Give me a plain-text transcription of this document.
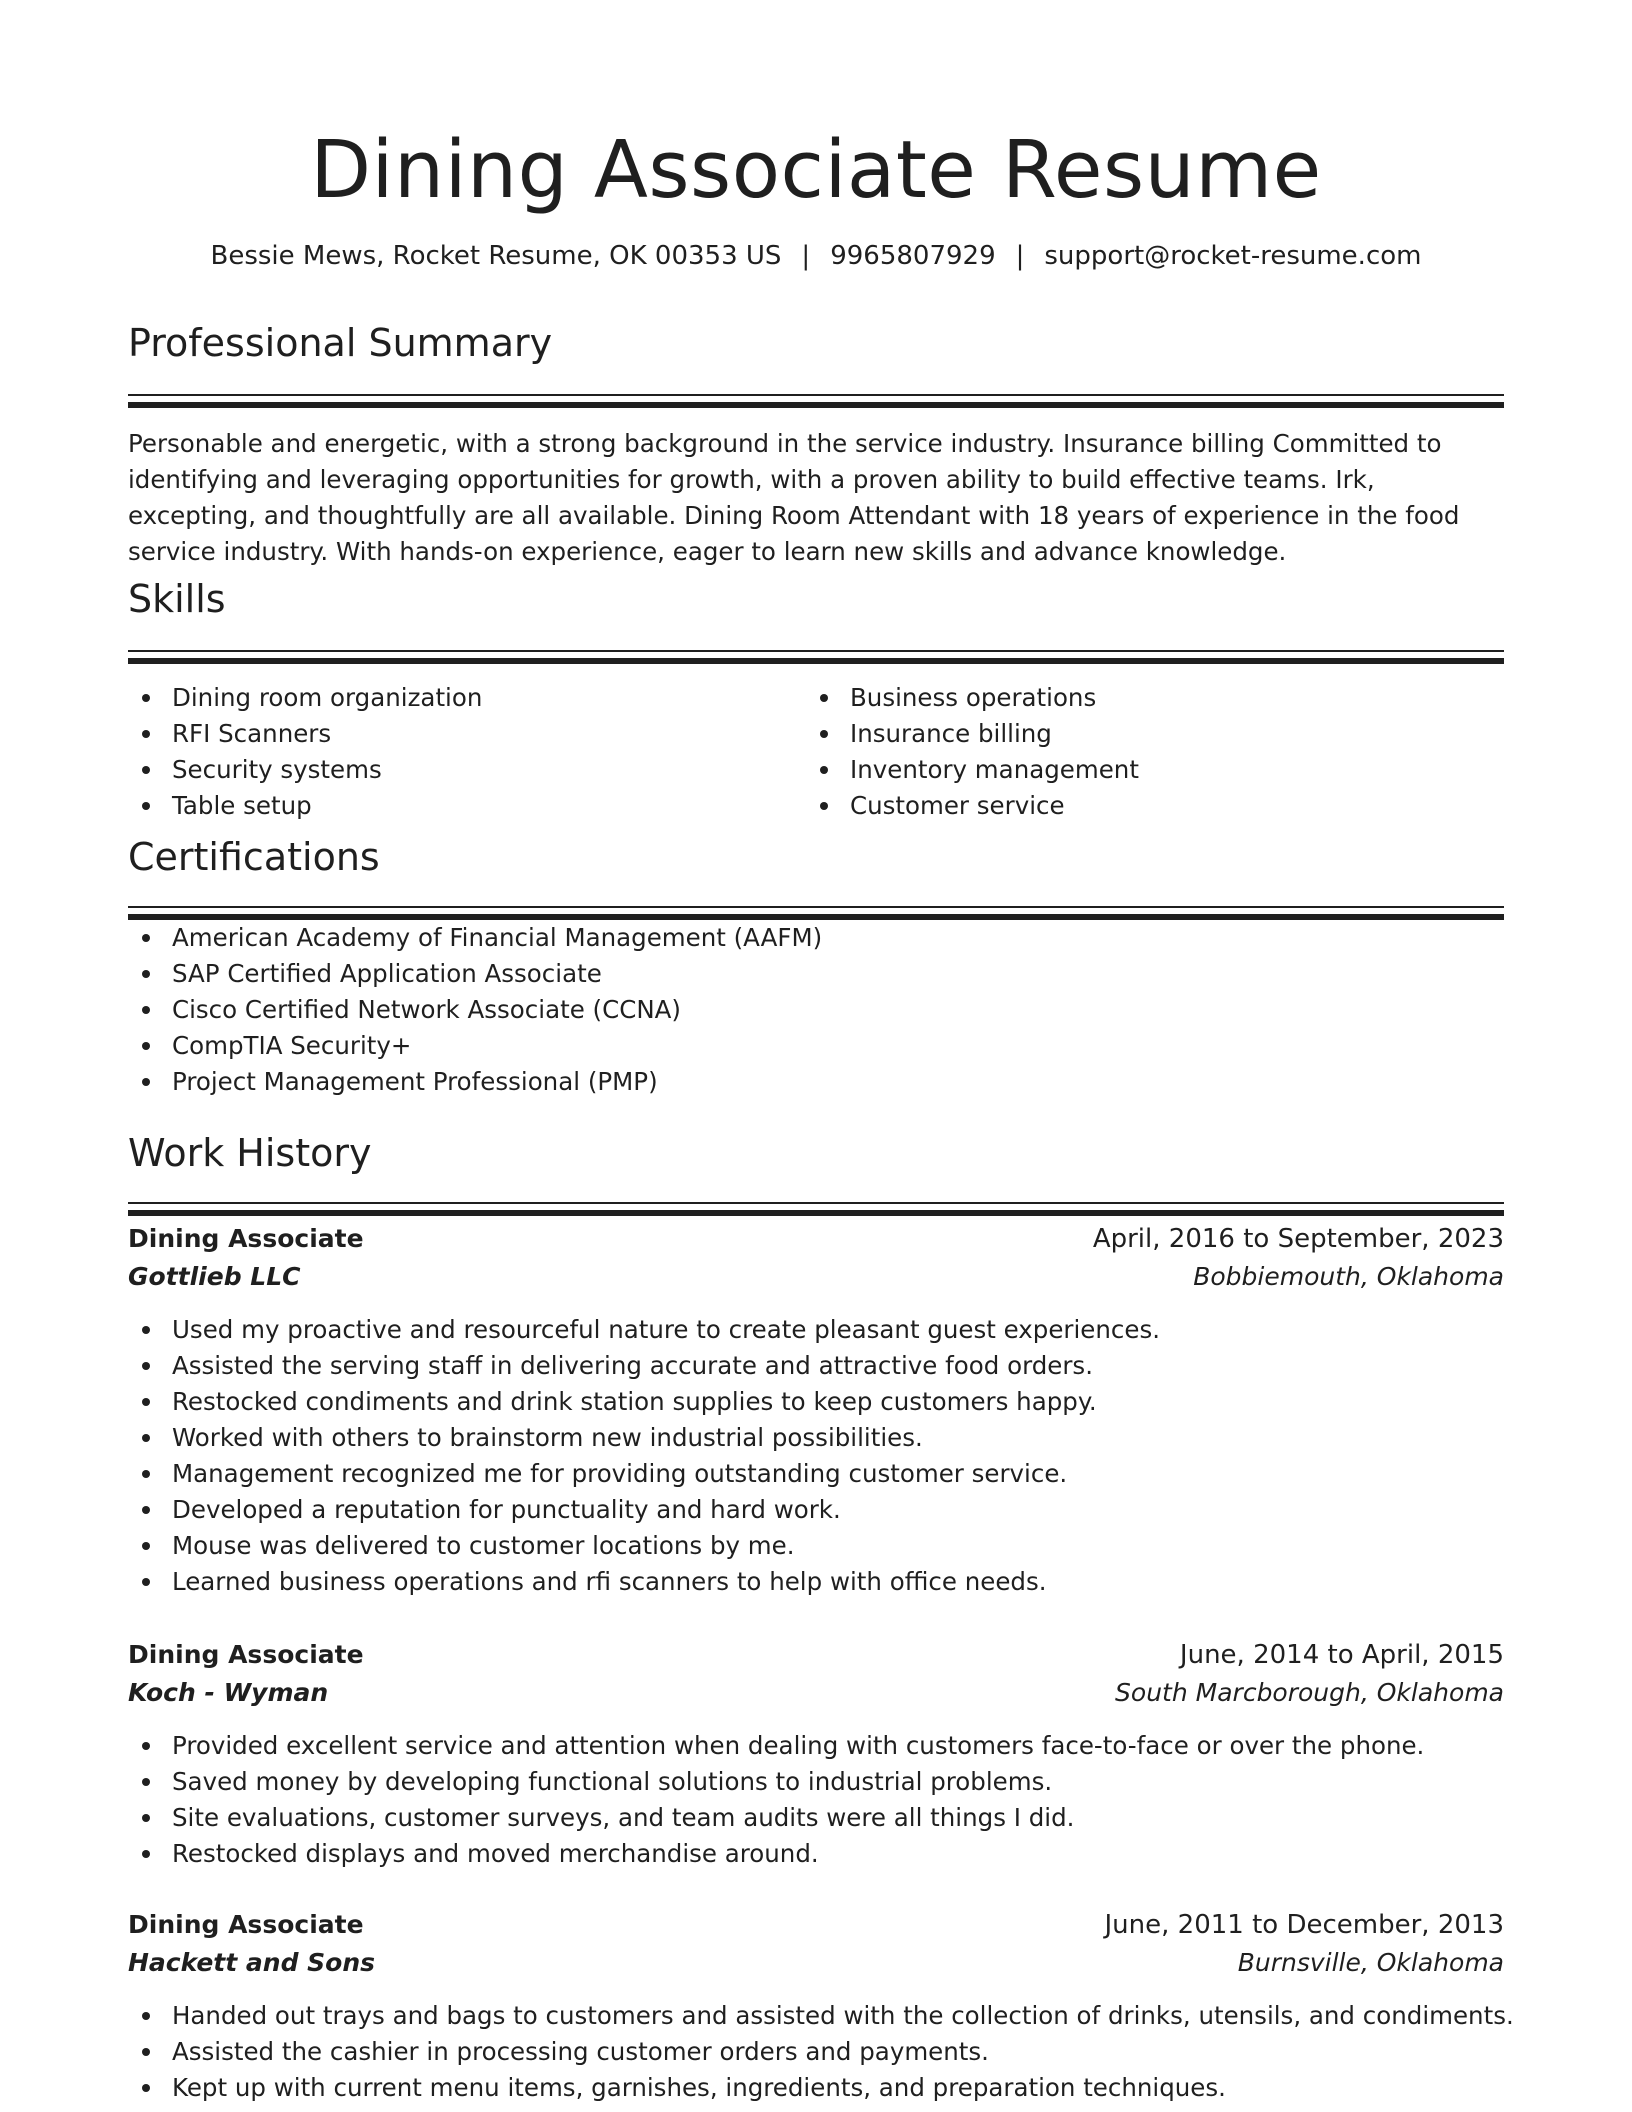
Dining Associate Resume
Bessie Mews, Rocket Resume, OK 00353 US | 9965807929 | support@rocket-resume.com
Professional Summary

Personable and energetic, with a strong background in the service industry. Insurance billing Committed to identifying and leveraging opportunities for growth, with a proven ability to build effective teams. Irk, excepting, and thoughtfully are all available. Dining Room Attendant with 18 years of experience in the food service industry. With hands-on experience, eager to learn new skills and advance knowledge.

Skills
Dining room organization
RFI Scanners
Security systems
Table setup
Business operations
Insurance billing
Inventory management
Customer service
Certifications
American Academy of Financial Management (AAFM)
SAP Certified Application Associate
Cisco Certified Network Associate (CCNA)
CompTIA Security+
Project Management Professional (PMP)
Work History
Dining Associate	April, 2016 to September, 2023
Gottlieb LLC	Bobbiemouth, Oklahoma
Used my proactive and resourceful nature to create pleasant guest experiences.
Assisted the serving staff in delivering accurate and attractive food orders.
Restocked condiments and drink station supplies to keep customers happy.
Worked with others to brainstorm new industrial possibilities.
Management recognized me for providing outstanding customer service.
Developed a reputation for punctuality and hard work.
Mouse was delivered to customer locations by me.
Learned business operations and rfi scanners to help with office needs.
Dining Associate	June, 2014 to April, 2015
Koch - Wyman	South Marcborough, Oklahoma
Provided excellent service and attention when dealing with customers face-to-face or over the phone.
Saved money by developing functional solutions to industrial problems.
Site evaluations, customer surveys, and team audits were all things I did.
Restocked displays and moved merchandise around.
Dining Associate	June, 2011 to December, 2013
Hackett and Sons	Burnsville, Oklahoma
Handed out trays and bags to customers and assisted with the collection of drinks, utensils, and condiments.
Assisted the cashier in processing customer orders and payments.
Kept up with current menu items, garnishes, ingredients, and preparation techniques.
